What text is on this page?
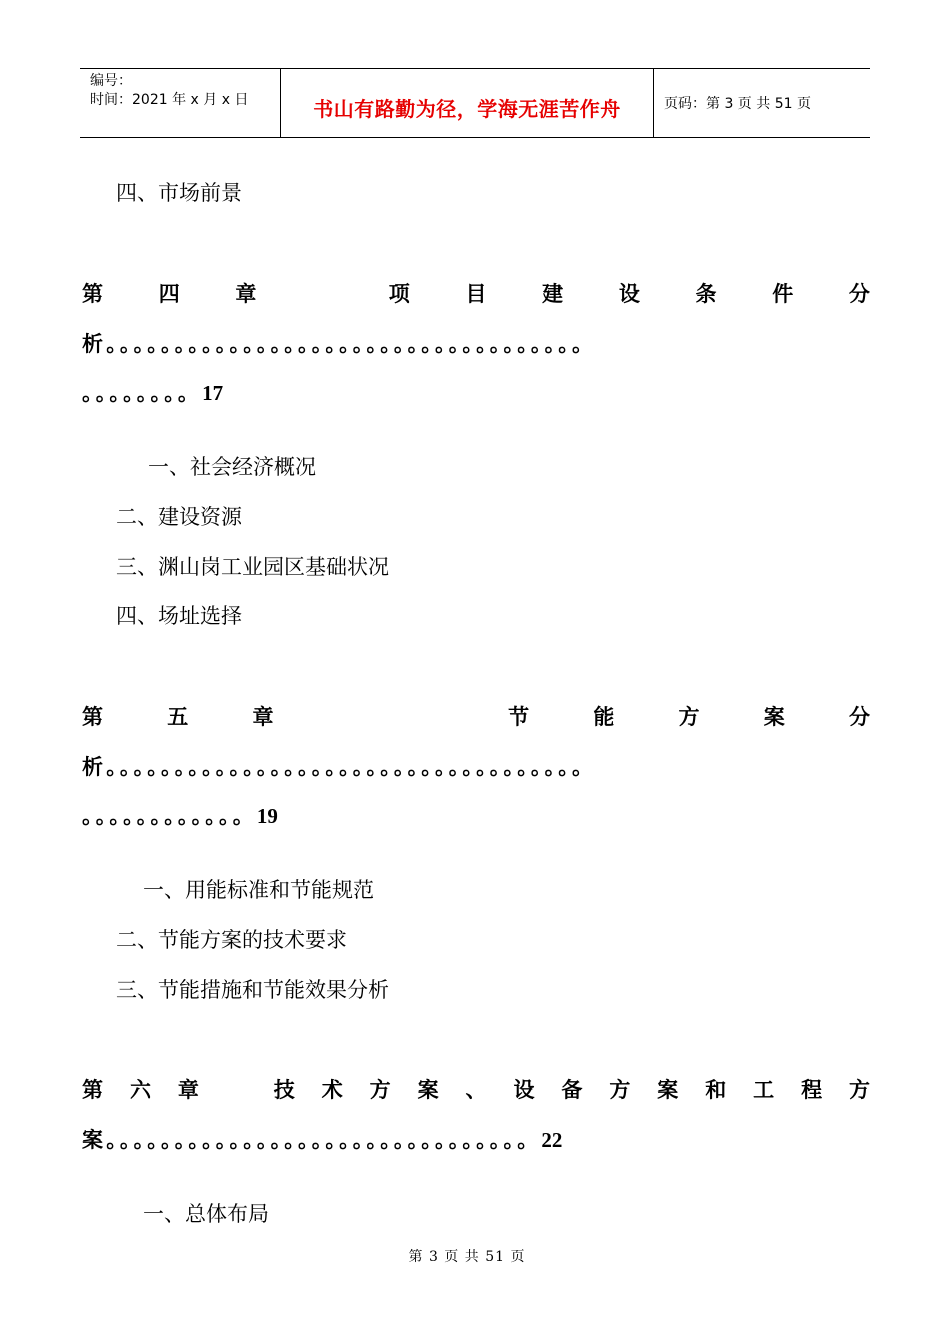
编号：
时间：2021 年 x 月 x 日	书山有路勤为径，学海无涯苦作舟	页码：第 3 页 共 51 页
四、市场前景
第	四	章	项	目	建	设	条	件	分
析。。。。。。。。。。。。。。。。。。。。。。。。。。。。。。。。。。。
。。。。。。。。17
一、社会经济概况
二、建设资源
三、渊山岗工业园区基础状况
四、场址选择
第	五	章	节	能	方	案	分
析。。。。。。。。。。。。。。。。。。。。。。。。。。。。。。。。。。。
。。。。。。。。。。。。19
一、用能标准和节能规范
二、节能方案的技术要求
三、节能措施和节能效果分析
第 六 章	技 术 方 案 、 设 备 方 案 和 工 程 方
案。。。。。。。。。。。。。。。。。。。。。。。。。。。。。。。22
一、总体布局
第 3 页 共 51 页
